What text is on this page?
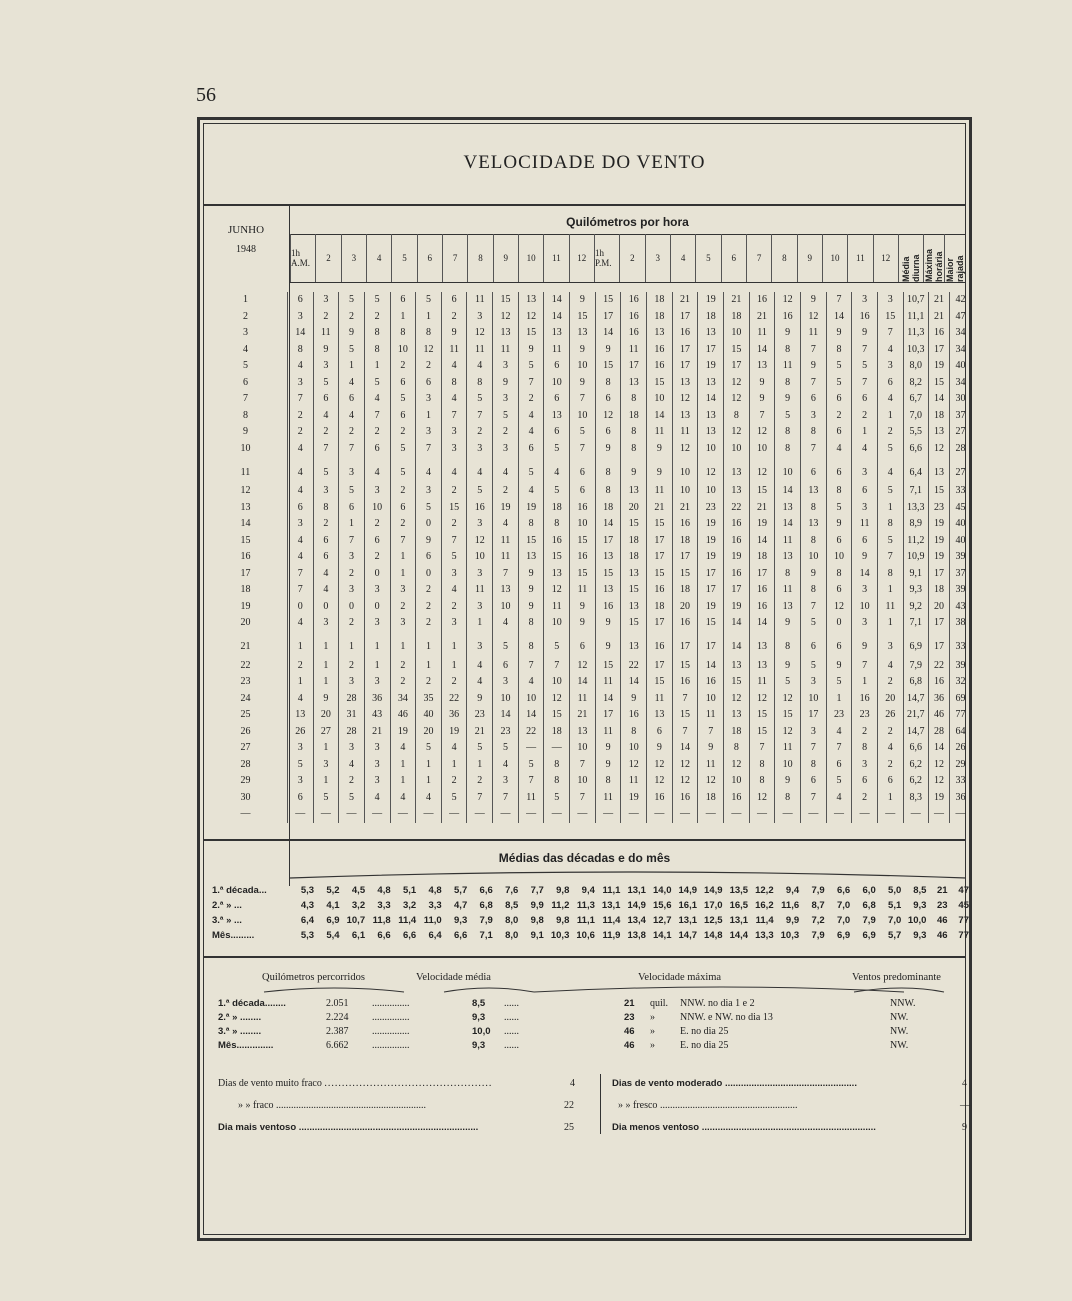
56
VELOCIDADE DO VENTO
JUNHO
1948
Quilómetros por hora
1h A.M.	2	3	4	5	6	7	8	9	10	11	12 1h P.M.	2	3	4	5	6	7	8	9	10	11	12	Média diurna Máxima horária Maior rajada
1	6	3	5	5	6	5	6	11	15	13	14	9	15	16	18	21	19	21	16	12	9	7	3	3	10,7	21	42
2	3	2	2	2	1	1	2	3	12	12	14	15	17	16	18	17	18	18	21	16	12	14	16	15	11,1	21	47
3	14	11	9	8	8	8	9	12	13	15	13	13	14	16	13	16	13	10	11	9	11	9	9	7	11,3	16	34
4	8	9	5	8	10	12	11	11	11	9	11	9	9	11	16	17	17	15	14	8	7	8	7	4	10,3	17	34
5	4	3	1	1	2	2	4	4	3	5	6	10	15	17	16	17	19	17	13	11	9	5	5	3	8,0	19	40
6	3	5	4	5	6	6	8	8	9	7	10	9	8	13	15	13	13	12	9	8	7	5	7	6	8,2	15	34
7	7	6	6	4	5	3	4	5	3	2	6	7	6	8	10	12	14	12	9	9	6	6	6	4	6,7	14	30
8	2	4	4	7	6	1	7	7	5	4	13	10	12	18	14	13	13	8	7	5	3	2	2	1	7,0	18	37
9	2	2	2	2	2	3	3	2	2	4	6	5	6	8	11	11	13	12	12	8	8	6	1	2	5,5	13	27
10	4	7	7	6	5	7	3	3	3	6	5	7	9	8	9	12	10	10	10	8	7	4	4	5	6,6	12	28
11	4	5	3	4	5	4	4	4	4	5	4	6	8	9	9	10	12	13	12	10	6	6	3	4	6,4	13	27
12	4	3	5	3	2	3	2	5	2	4	5	6	8	13	11	10	10	13	15	14	13	8	6	5	7,1	15	33
13	6	8	6	10	6	5	15	16	19	19	18	16	18	20	21	21	23	22	21	13	8	5	3	1	13,3	23	45
14	3	2	1	2	2	0	2	3	4	8	8	10	14	15	15	16	19	16	19	14	13	9	11	8	8,9	19	40
15	4	6	7	6	7	9	7	12	11	15	16	15	17	18	17	18	19	16	14	11	8	6	6	5	11,2	19	40
16	4	6	3	2	1	6	5	10	11	13	15	16	13	18	17	17	19	19	18	13	10	10	9	7	10,9	19	39
17	7	4	2	0	1	0	3	3	7	9	13	15	15	13	15	15	17	16	17	8	9	8	14	8	9,1	17	37
18	7	4	3	3	3	2	4	11	13	9	12	11	13	15	16	18	17	17	16	11	8	6	3	1	9,3	18	39
19	0	0	0	0	2	2	2	3	10	9	11	9	16	13	18	20	19	19	16	13	7	12	10	11	9,2	20	43
20	4	3	2	3	3	2	3	1	4	8	10	9	9	15	17	16	15	14	14	9	5	0	3	1	7,1	17	38
21	1	1	1	1	1	1	1	3	5	8	5	6	9	13	16	17	17	14	13	8	6	6	9	3	6,9	17	33
22	2	1	2	1	2	1	1	4	6	7	7	12	15	22	17	15	14	13	13	9	5	9	7	4	7,9	22	39
23	1	1	3	3	2	2	2	4	3	4	10	14	11	14	15	16	16	15	11	5	3	5	1	2	6,8	16	32
24	4	9	28	36	34	35	22	9	10	10	12	11	14	9	11	7	10	12	12	12	10	1	16	20	14,7	36	69
25	13	20	31	43	46	40	36	23	14	14	15	21	17	16	13	15	11	13	15	15	17	23	23	26	21,7	46	77
26	26	27	28	21	19	20	19	21	23	22	18	13	11	8	6	7	7	18	15	12	3	4	2	2	14,7	28	64
27	3	1	3	3	4	5	4	5	5	—	—	10	9	10	9	14	9	8	7	11	7	7	8	4	6,6	14	26
28	5	3	4	3	1	1	1	1	4	5	8	7	9	12	12	12	11	12	8	10	8	6	3	2	6,2	12	29
29	3	1	2	3	1	1	2	2	3	7	8	10	8	11	12	12	12	10	8	9	6	5	6	6	6,2	12	33
30	6	5	5	4	4	4	5	7	7	11	5	7	11	19	16	16	18	16	12	8	7	4	2	1	8,3	19	36
—	—	—	—	—	—	—	—	—	—	—	—	—	—	—	—	—	—	—	—	—	—	—	—	—	—	—	—
Médias das décadas e do mês
1.ª década...	5,3	5,2	4,5	4,8	5,1	4,8	5,7	6,6	7,6	7,7	9,8	9,4	11,1	13,1	14,0	14,9	14,9	13,5	12,2	9,4	7,9	6,6	6,0	5,0	8,5	21	47
2.ª » ...	4,3	4,1	3,2	3,3	3,2	3,3	4,7	6,8	8,5	9,9	11,2	11,3	13,1	14,9	15,6	16,1	17,0	16,5	16,2	11,6	8,7	7,0	6,8	5,1	9,3	23	45
3.ª » ...	6,4	6,9	10,7	11,8	11,4	11,0	9,3	7,9	8,0	9,8	9,8	11,1	11,4	13,4	12,7	13,1	12,5	13,1	11,4	9,9	7,2	7,0	7,9	7,0	10,0	46	77
Mês.........	5,3	5,4	6,1	6,6	6,6	6,4	6,6	7,1	8,0	9,1	10,3	10,6	11,9	13,8	14,1	14,7	14,8	14,4	13,3	10,3	7,9	6,9	6,9	5,7	9,3	46	77
Quilómetros percorridos	Velocidade média	Velocidade máxima	Ventos predominante
1.ª década........	2.051	8,5	21 quil. NNW. no dia 1 e 2	NNW.
...............	......
2.ª » ........	2.224	9,3	23 »	NNW. e NW. no dia 13	NW.
...............	......
3.ª » ........	2.387	10,0	46 »	E. no dia 25	NW.
...............	......
Mês..............	6.662	9,3	46 »	E. no dia 25	NW.
...............	......
Dias de vento muito fraco ................................................	4	Dias de vento moderado ..................................................	4
» » fraco ............................................................	22	» » fresco .......................................................	—
Dia mais ventoso ....................................................................	25	Dia menos ventoso ..................................................................	9
